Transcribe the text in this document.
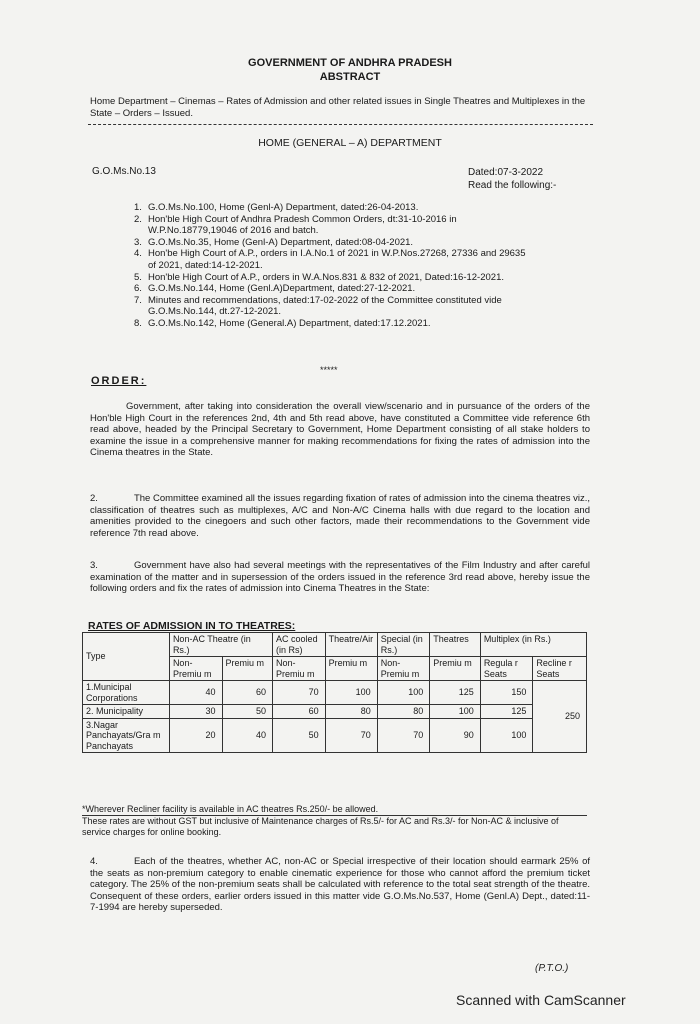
GOVERNMENT OF ANDHRA PRADESH
ABSTRACT
Home Department – Cinemas – Rates of Admission and other related issues in Single Theatres and Multiplexes in the State – Orders – Issued.
HOME (GENERAL – A) DEPARTMENT
G.O.Ms.No.13	Dated:07-3-2022
Read the following:-
1. G.O.Ms.No.100, Home (Genl-A) Department, dated:26-04-2013.
2. Hon'ble High Court of Andhra Pradesh Common Orders, dt:31-10-2016 in W.P.No.18779,19046 of 2016 and batch.
3. G.O.Ms.No.35, Home (Genl-A) Department, dated:08-04-2021.
4. Hon'be High Court of A.P., orders in I.A.No.1 of 2021 in W.P.Nos.27268, 27336 and 29635 of 2021, dated:14-12-2021.
5. Hon'ble High Court of A.P., orders in W.A.Nos.831 & 832 of 2021, Dated:16-12-2021.
6. G.O.Ms.No.144, Home (Genl.A)Department, dated:27-12-2021.
7. Minutes and recommendations, dated:17-02-2022 of the Committee constituted vide G.O.Ms.No.144, dt.27-12-2021.
8. G.O.Ms.No.142, Home (General.A) Department, dated:17.12.2021.
*****
ORDER:
Government, after taking into consideration the overall view/scenario and in pursuance of the orders of the Hon'ble High Court in the references 2nd, 4th and 5th read above, have constituted a Committee vide reference 6th read above, headed by the Principal Secretary to Government, Home Department consisting of all stake holders to examine the issue in a comprehensive manner for making recommendations for fixing the rates of admission into the Cinema theatres in the State.
2.	The Committee examined all the issues regarding fixation of rates of admission into the cinema theatres viz., classification of theatres such as multiplexes, A/C and Non-A/C Cinema halls with due regard to the location and amenities provided to the cinegoers and such other factors, made their recommendations to the Government vide reference 7th read above.
3.	Government have also had several meetings with the representatives of the Film Industry and after careful examination of the matter and in supersession of the orders issued in the reference 3rd read above, hereby issue the following orders and fix the rates of admission into Cinema Theatres in the State:
RATES OF ADMISSION IN TO THEATRES:
Type	Non-AC Theatre (in Rs.)		AC cooled (in Rs)	Theatre/Air	Special (in Rs.)	Theatres	Multiplex (in Rs.)	
	Non-Premiu m	Premiu m	Non-Premiu m	Premiu m	Non-Premiu m	Premiu m	Regula r Seats	Recline r Seats
1.Municipal Corporations	40	60	70	100	100	125	150	250
2. Municipality	30	50	60	80	80	100	125	
3.Nagar Panchayats/Gra m Panchayats	20	40	50	70	70	90	100	
*Wherever Recliner facility is available in AC theatres Rs.250/- be allowed.
These rates are without GST but inclusive of Maintenance charges of Rs.5/- for AC and Rs.3/- for Non-AC & inclusive of service charges for online booking.
4.	Each of the theatres, whether AC, non-AC or Special irrespective of their location should earmark 25% of the seats as non-premium category to enable cinematic experience for those who cannot afford the premium ticket category. The 25% of the non-premium seats shall be calculated with reference to the total seat strength of the theatre. Consequent of these orders, earlier orders issued in this matter vide G.O.Ms.No.537, Home (Genl.A) Dept., dated:11-7-1994 are hereby superseded.
(P.T.O.)
Scanned with CamScanner
